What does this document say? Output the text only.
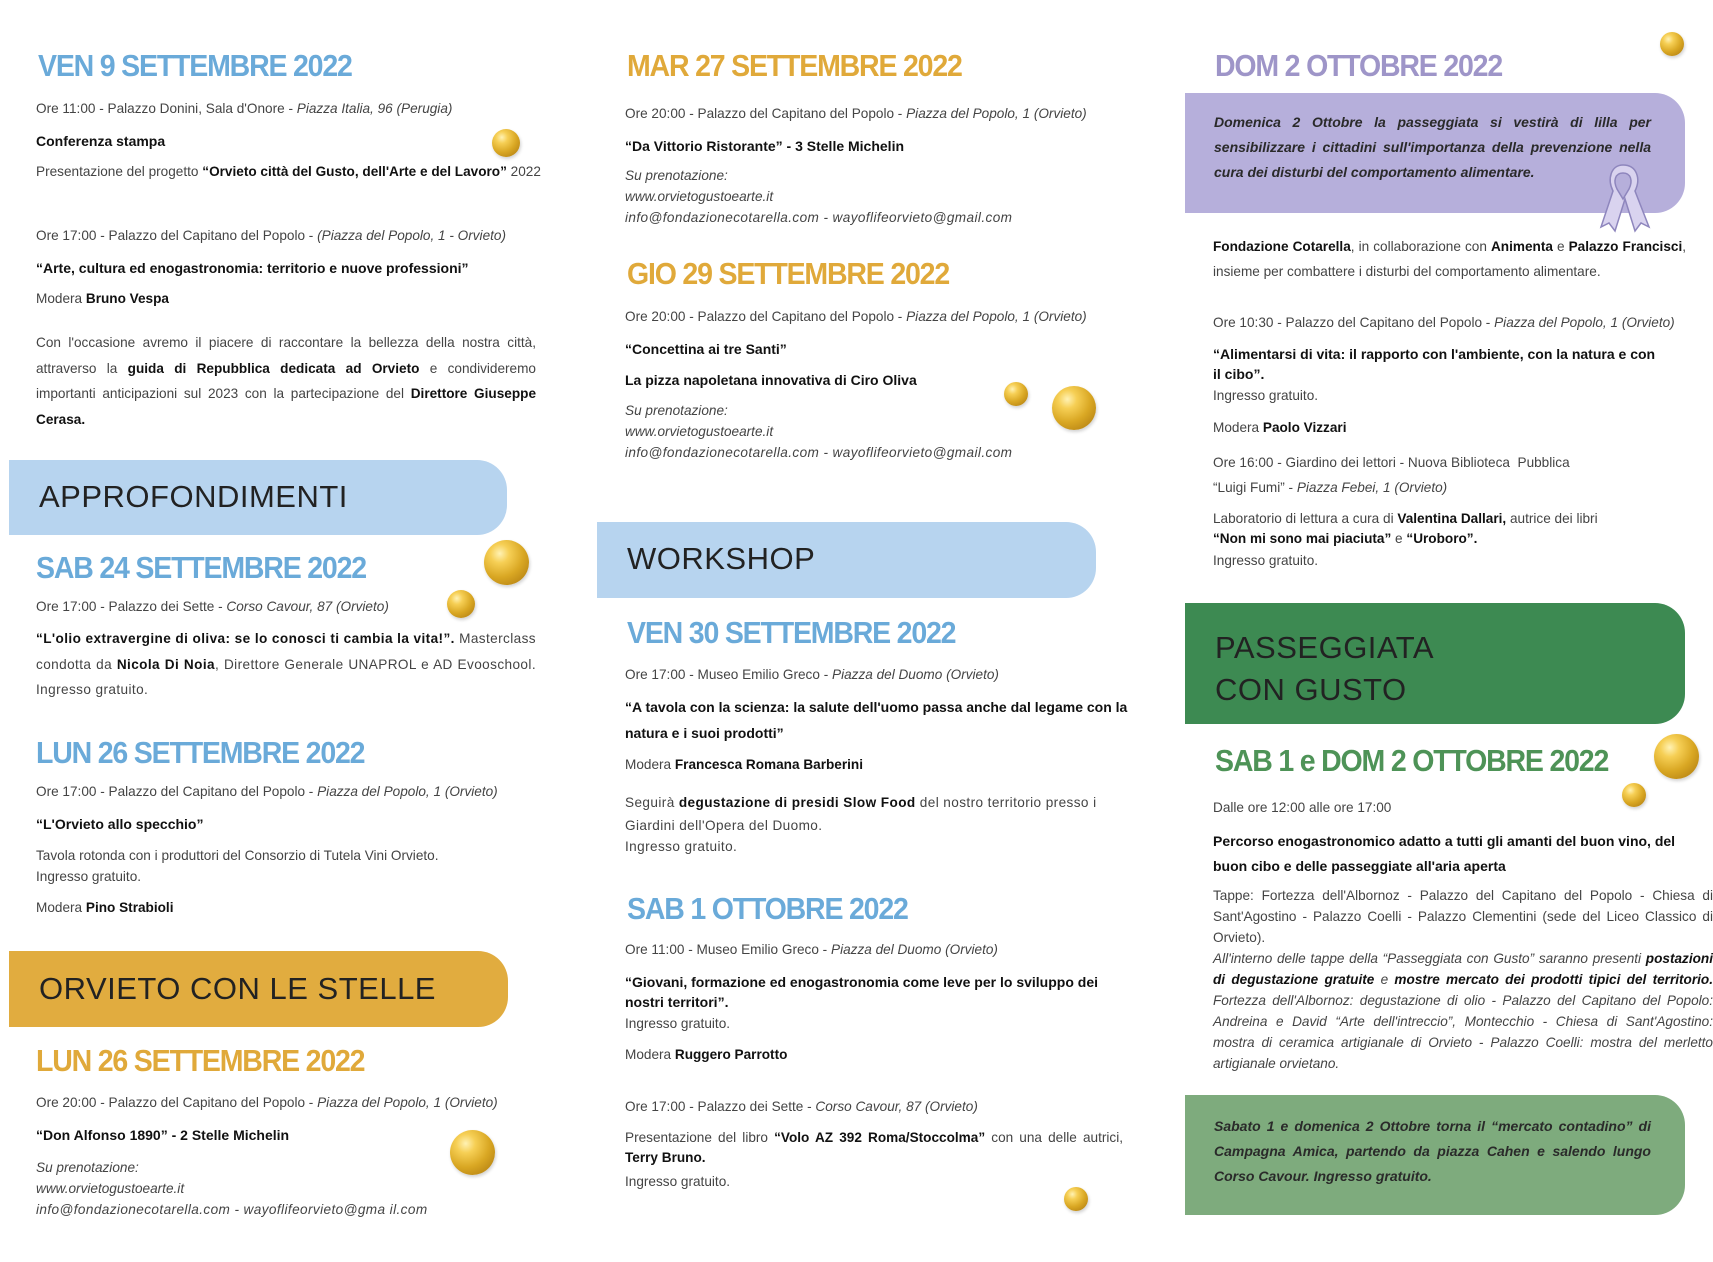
APPROFONDIMENTI
ORVIETO CON LE STELLE
WORKSHOP
PASSEGGIATA
CON GUSTO
Domenica 2 Ottobre la passeggiata si vestirà di lilla per sensibilizzare i cittadini sull'importanza della prevenzione nella cura dei disturbi del comportamento alimentare.
Sabato 1 e domenica 2 Ottobre torna il “mercato contadino” di Campagna Amica, partendo da piazza Cahen e salendo lungo Corso Cavour. Ingresso gratuito.
VEN 9 SETTEMBRE 2022
Ore 11:00 - Palazzo Donini, Sala d'Onore - Piazza Italia, 96 (Perugia)
Conferenza stampa
Presentazione del progetto “Orvieto città del Gusto, dell'Arte e del Lavoro” 2022
Ore 17:00 - Palazzo del Capitano del Popolo - (Piazza del Popolo, 1 - Orvieto)
“Arte, cultura ed enogastronomia: territorio e nuove professioni”
Modera Bruno Vespa
Con l'occasione avremo il piacere di raccontare la bellezza della nostra città, attraverso la guida di Repubblica dedicata ad Orvieto e condivideremo importanti anticipazioni sul 2023 con la partecipazione del Direttore Giuseppe Cerasa.
SAB 24 SETTEMBRE 2022
Ore 17:00 - Palazzo dei Sette - Corso Cavour, 87 (Orvieto)
“L'olio extravergine di oliva: se lo conosci ti cambia la vita!”. Masterclass condotta da Nicola Di Noia, Direttore Generale UNAPROL e AD Evooschool. Ingresso gratuito.
LUN 26 SETTEMBRE 2022
Ore 17:00 - Palazzo del Capitano del Popolo - Piazza del Popolo, 1 (Orvieto)
“L'Orvieto allo specchio”
Tavola rotonda con i produttori del Consorzio di Tutela Vini Orvieto.
Ingresso gratuito.
Modera Pino Strabioli
LUN 26 SETTEMBRE 2022
Ore 20:00 - Palazzo del Capitano del Popolo - Piazza del Popolo, 1 (Orvieto)
“Don Alfonso 1890” - 2 Stelle Michelin
Su prenotazione:
www.orvietogustoearte.it
info@fondazionecotarella.com - wayoflifeorvieto@gma il.com
MAR 27 SETTEMBRE 2022
Ore 20:00 - Palazzo del Capitano del Popolo - Piazza del Popolo, 1 (Orvieto)
“Da Vittorio Ristorante” - 3 Stelle Michelin
Su prenotazione:
www.orvietogustoearte.it
info@fondazionecotarella.com - wayoflifeorvieto@gmail.com
GIO 29 SETTEMBRE 2022
Ore 20:00 - Palazzo del Capitano del Popolo - Piazza del Popolo, 1 (Orvieto)
“Concettina ai tre Santi”
La pizza napoletana innovativa di Ciro Oliva
Su prenotazione:
www.orvietogustoearte.it
info@fondazionecotarella.com - wayoflifeorvieto@gmail.com
VEN 30 SETTEMBRE 2022
Ore 17:00 - Museo Emilio Greco - Piazza del Duomo (Orvieto)
“A tavola con la scienza: la salute dell'uomo passa anche dal legame con la natura e i suoi prodotti”
Modera Francesca Romana Barberini
Seguirà degustazione di presidi Slow Food del nostro territorio presso i Giardini dell'Opera del Duomo.
Ingresso gratuito.
SAB 1 OTTOBRE 2022
Ore 11:00 - Museo Emilio Greco - Piazza del Duomo (Orvieto)
“Giovani, formazione ed enogastronomia come leve per lo sviluppo dei nostri territori”.
Ingresso gratuito.
Modera Ruggero Parrotto
Ore 17:00 - Palazzo dei Sette - Corso Cavour, 87 (Orvieto)
Presentazione del libro “Volo AZ 392 Roma/Stoccolma” con una delle autrici, Terry Bruno.
Ingresso gratuito.
DOM 2 OTTOBRE 2022
Fondazione Cotarella, in collaborazione con Animenta e Palazzo Francisci, insieme per combattere i disturbi del comportamento alimentare.
Ore 10:30 - Palazzo del Capitano del Popolo - Piazza del Popolo, 1 (Orvieto)
“Alimentarsi di vita: il rapporto con l'ambiente, con la natura e con il cibo”.
Ingresso gratuito.
Modera Paolo Vizzari
Ore 16:00 - Giardino dei lettori - Nuova Biblioteca  Pubblica
“Luigi Fumi” - Piazza Febei, 1 (Orvieto)
Laboratorio di lettura a cura di Valentina Dallari, autrice dei libri
“Non mi sono mai piaciuta” e “Uroboro”.
Ingresso gratuito.
SAB 1 e DOM 2 OTTOBRE 2022
Dalle ore 12:00 alle ore 17:00
Percorso enogastronomico adatto a tutti gli amanti del buon vino, del buon cibo e delle passeggiate all'aria aperta
Tappe: Fortezza dell'Albornoz - Palazzo del Capitano del Popolo - Chiesa di Sant'Agostino - Palazzo Coelli - Palazzo Clementini (sede del Liceo Classico di Orvieto).
All'interno delle tappe della “Passeggiata con Gusto” saranno presenti postazioni di degustazione gratuite e mostre mercato dei prodotti tipici del territorio. Fortezza dell'Albornoz: degustazione di olio - Palazzo del Capitano del Popolo: Andreina e David “Arte dell'intreccio”, Montecchio - Chiesa di Sant'Agostino: mostra di ceramica artigianale di Orvieto - Palazzo Coelli: mostra del merletto artigianale orvietano.
